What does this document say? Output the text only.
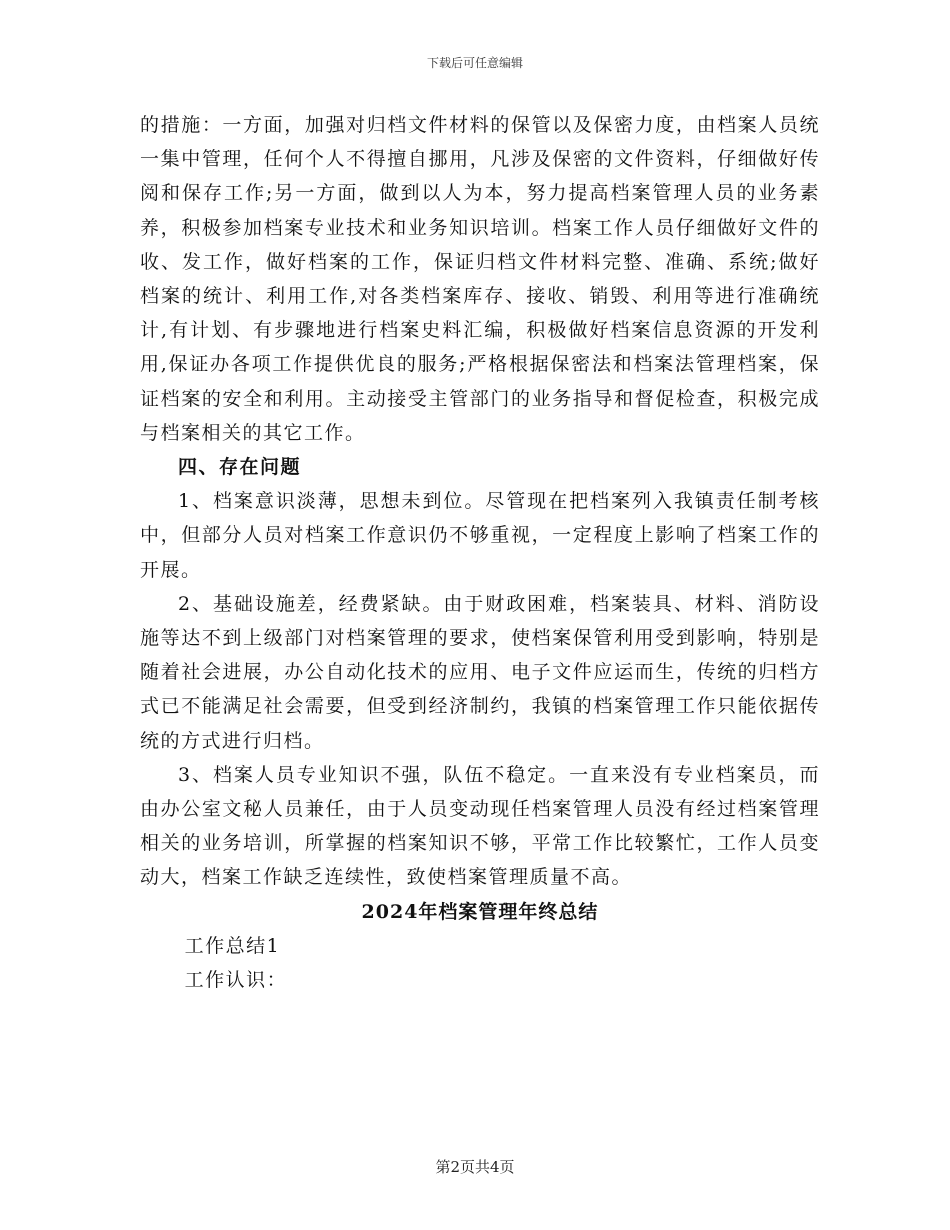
下载后可任意编辑

的措施：一方面，加强对归档文件材料的保管以及保密力度，由档案人员统一集中管理，任何个人不得擅自挪用，凡涉及保密的文件资料，仔细做好传阅和保存工作;另一方面，做到以人为本，努力提高档案管理人员的业务素养，积极参加档案专业技术和业务知识培训。档案工作人员仔细做好文件的收、发工作，做好档案的工作，保证归档文件材料完整、准确、系统;做好档案的统计、利用工作,对各类档案库存、接收、销毁、利用等进行准确统计,有计划、有步骤地进行档案史料汇编，积极做好档案信息资源的开发利用,保证办各项工作提供优良的服务;严格根据保密法和档案法管理档案，保证档案的安全和利用。主动接受主管部门的业务指导和督促检查，积极完成与档案相关的其它工作。

四、存在问题

1、档案意识淡薄，思想未到位。尽管现在把档案列入我镇责任制考核中，但部分人员对档案工作意识仍不够重视，一定程度上影响了档案工作的开展。

2、基础设施差，经费紧缺。由于财政困难，档案装具、材料、消防设施等达不到上级部门对档案管理的要求，使档案保管利用受到影响，特别是随着社会进展，办公自动化技术的应用、电子文件应运而生，传统的归档方式已不能满足社会需要，但受到经济制约，我镇的档案管理工作只能依据传统的方式进行归档。

3、档案人员专业知识不强，队伍不稳定。一直来没有专业档案员，而由办公室文秘人员兼任，由于人员变动现任档案管理人员没有经过档案管理相关的业务培训，所掌握的档案知识不够，平常工作比较繁忙，工作人员变动大，档案工作缺乏连续性，致使档案管理质量不高。

2024年档案管理年终总结

工作总结1

工作认识：

第2页共4页
